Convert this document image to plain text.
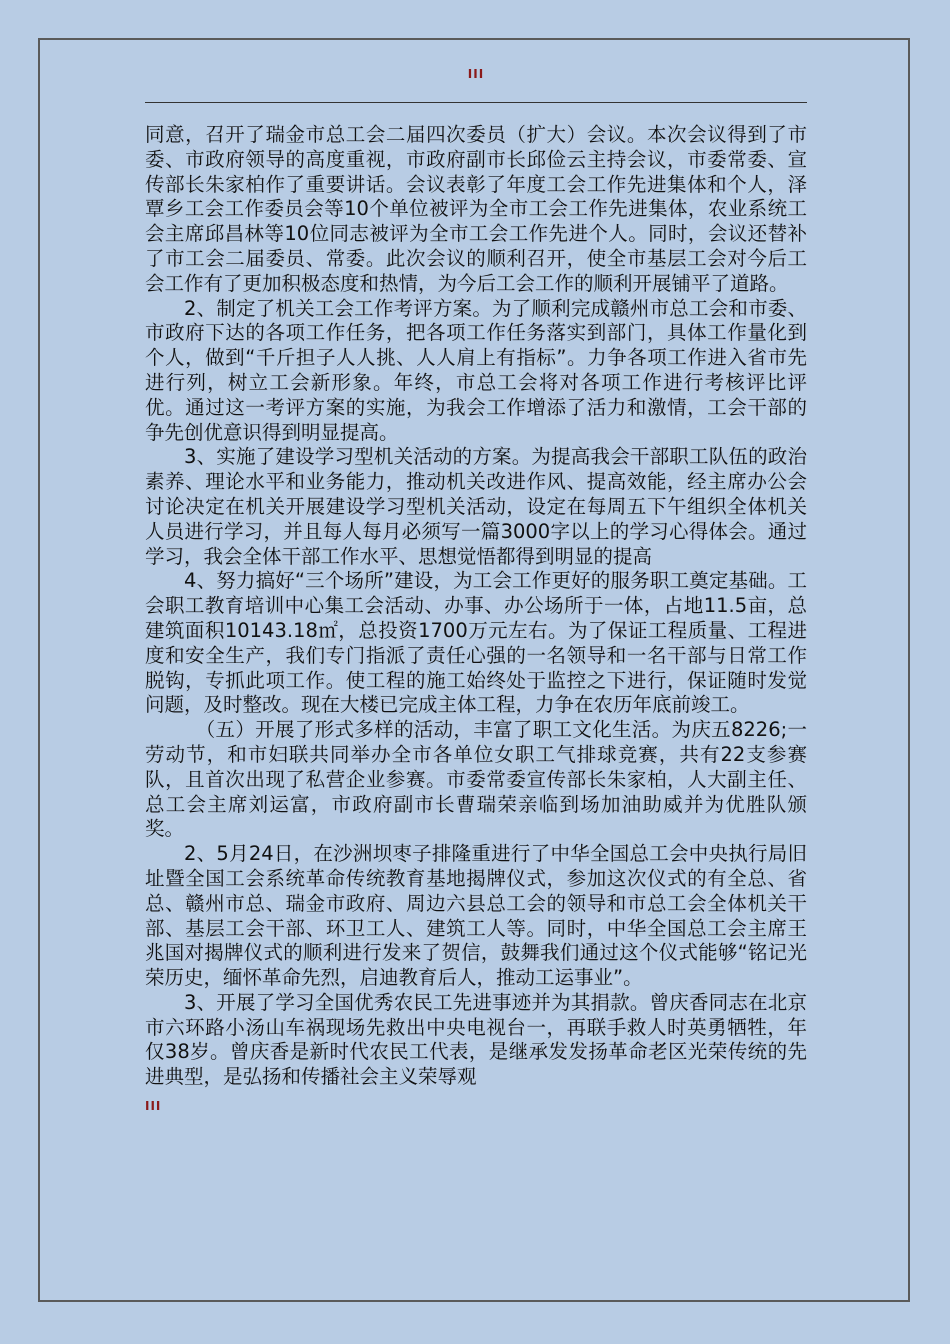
III

同意，召开了瑞金市总工会二届四次委员（扩大）会议。本次会议得到了市委、市政府领导的高度重视，市政府副市长邱俭云主持会议，市委常委、宣传部长朱家柏作了重要讲话。会议表彰了年度工会工作先进集体和个人，泽覃乡工会工作委员会等10个单位被评为全市工会工作先进集体，农业系统工会主席邱昌林等10位同志被评为全市工会工作先进个人。同时，会议还替补了市工会二届委员、常委。此次会议的顺利召开，使全市基层工会对今后工会工作有了更加积极态度和热情，为今后工会工作的顺利开展铺平了道路。

2、制定了机关工会工作考评方案。为了顺利完成赣州市总工会和市委、市政府下达的各项工作任务，把各项工作任务落实到部门，具体工作量化到个人，做到“千斤担子人人挑、人人肩上有指标”。力争各项工作进入省市先进行列，树立工会新形象。年终，市总工会将对各项工作进行考核评比评优。通过这一考评方案的实施，为我会工作增添了活力和激情，工会干部的争先创优意识得到明显提高。

3、实施了建设学习型机关活动的方案。为提高我会干部职工队伍的政治素养、理论水平和业务能力，推动机关改进作风、提高效能，经主席办公会讨论决定在机关开展建设学习型机关活动，设定在每周五下午组织全体机关人员进行学习，并且每人每月必须写一篇3000字以上的学习心得体会。通过学习，我会全体干部工作水平、思想觉悟都得到明显的提高

4、努力搞好“三个场所”建设，为工会工作更好的服务职工奠定基础。工会职工教育培训中心集工会活动、办事、办公场所于一体，占地11.5亩，总建筑面积10143.18㎡，总投资1700万元左右。为了保证工程质量、工程进度和安全生产，我们专门指派了责任心强的一名领导和一名干部与日常工作脱钩，专抓此项工作。使工程的施工始终处于监控之下进行，保证随时发觉问题，及时整改。现在大楼已完成主体工程，力争在农历年底前竣工。

（五）开展了形式多样的活动，丰富了职工文化生活。为庆五8226;一劳动节，和市妇联共同举办全市各单位女职工气排球竞赛，共有22支参赛队，且首次出现了私营企业参赛。市委常委宣传部长朱家柏，人大副主任、总工会主席刘运富，市政府副市长曹瑞荣亲临到场加油助威并为优胜队颁奖。

2、5月24日，在沙洲坝枣子排隆重进行了中华全国总工会中央执行局旧址暨全国工会系统革命传统教育基地揭牌仪式，参加这次仪式的有全总、省总、赣州市总、瑞金市政府、周边六县总工会的领导和市总工会全体机关干部、基层工会干部、环卫工人、建筑工人等。同时，中华全国总工会主席王兆国对揭牌仪式的顺利进行发来了贺信，鼓舞我们通过这个仪式能够“铭记光荣历史，缅怀革命先烈，启迪教育后人，推动工运事业”。

3、开展了学习全国优秀农民工先进事迹并为其捐款。曾庆香同志在北京市六环路小汤山车祸现场先救出中央电视台一，再联手救人时英勇牺牲，年仅38岁。曾庆香是新时代农民工代表，是继承发发扬革命老区光荣传统的先进典型，是弘扬和传播社会主义荣辱观

III
